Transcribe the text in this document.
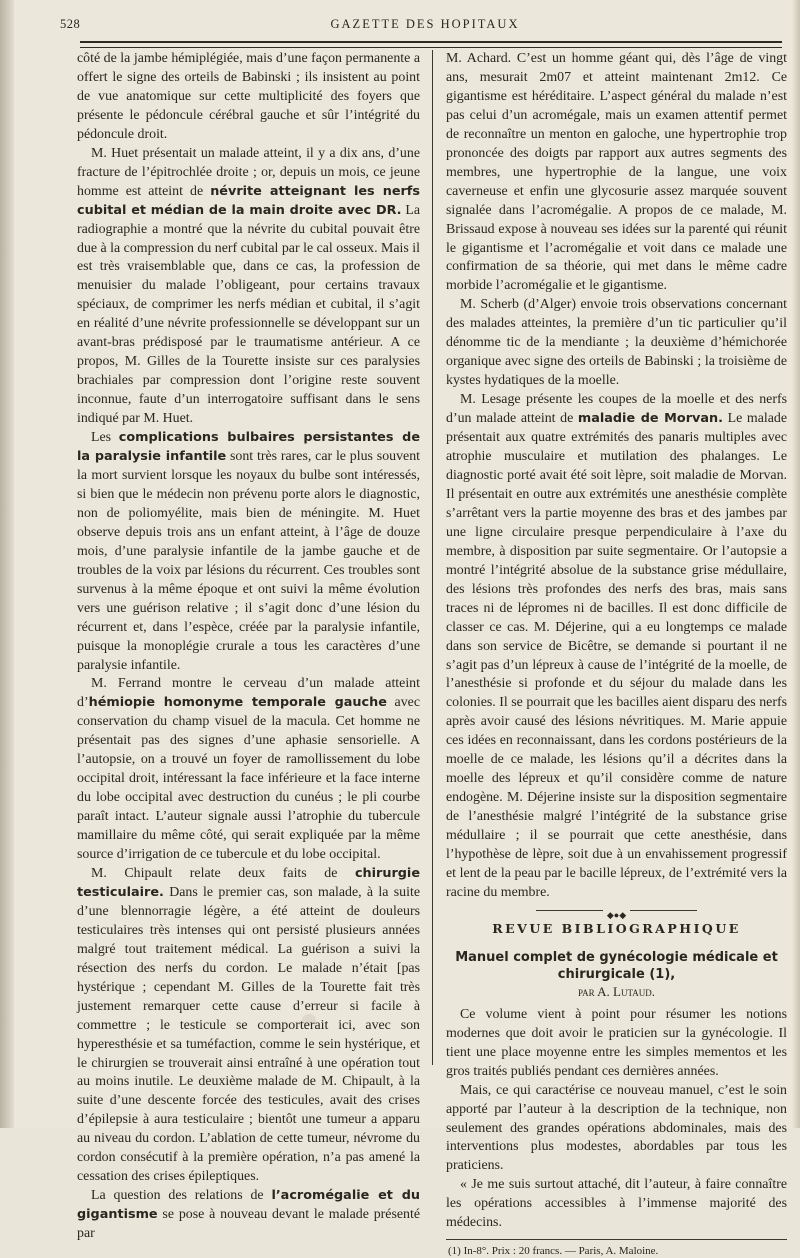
528	GAZETTE DES HOPITAUX

côté de la jambe hémiplégiée, mais d’une façon permanente a offert le signe des orteils de Babinski ; ils insistent au point de vue anatomique sur cette multiplicité des foyers que présente le pédoncule cérébral gauche et sûr l’intégrité du pédoncule droit.

M. Huet présentait un malade atteint, il y a dix ans, d’une fracture de l’épitrochlée droite ; or, depuis un mois, ce jeune homme est atteint de névrite atteignant les nerfs cubital et médian de la main droite avec DR. La radiographie a montré que la névrite du cubital pouvait être due à la compression du nerf cubital par le cal osseux. Mais il est très vraisemblable que, dans ce cas, la profession de menuisier du malade l’obligeant, pour certains travaux spéciaux, de comprimer les nerfs médian et cubital, il s’agit en réalité d’une névrite professionnelle se développant sur un avant-bras prédisposé par le traumatisme antérieur. A ce propos, M. Gilles de la Tourette insiste sur ces paralysies brachiales par compression dont l’origine reste souvent inconnue, faute d’un interrogatoire suffisant dans le sens indiqué par M. Huet.

Les complications bulbaires persistantes de la paralysie infantile sont très rares, car le plus souvent la mort survient lorsque les noyaux du bulbe sont intéressés, si bien que le médecin non prévenu porte alors le diagnostic, non de poliomyélite, mais bien de méningite. M. Huet observe depuis trois ans un enfant atteint, à l’âge de douze mois, d’une paralysie infantile de la jambe gauche et de troubles de la voix par lésions du récurrent. Ces troubles sont survenus à la même époque et ont suivi la même évolution vers une guérison relative ; il s’agit donc d’une lésion du récurrent et, dans l’espèce, créée par la paralysie infantile, puisque la monoplégie crurale a tous les caractères d’une paralysie infantile.

M. Ferrand montre le cerveau d’un malade atteint d’hémiopie homonyme temporale gauche avec conservation du champ visuel de la macula. Cet homme ne présentait pas des signes d’une aphasie sensorielle. A l’autopsie, on a trouvé un foyer de ramollissement du lobe occipital droit, intéressant la face inférieure et la face interne du lobe occipital avec destruction du cunéus ; le pli courbe paraît intact. L’auteur signale aussi l’atrophie du tubercule mamillaire du même côté, qui serait expliquée par la même source d’irrigation de ce tubercule et du lobe occipital.

M. Chipault relate deux faits de chirurgie testiculaire. Dans le premier cas, son malade, à la suite d’une blennorragie légère, a été atteint de douleurs testiculaires très intenses qui ont persisté plusieurs années malgré tout traitement médical. La guérison a suivi la résection des nerfs du cordon. Le malade n’était [pas hystérique ; cependant M. Gilles de la Tourette fait très justement remarquer cette cause d’erreur si facile à commettre ; le testicule se comporterait ici, avec son hyperesthésie et sa tuméfaction, comme le sein hystérique, et le chirurgien se trouverait ainsi entraîné à une opération tout au moins inutile. Le deuxième malade de M. Chipault, à la suite d’une descente forcée des testicules, avait des crises d’épilepsie à aura testiculaire ; bientôt une tumeur a apparu au niveau du cordon. L’ablation de cette tumeur, névrome du cordon consécutif à la première opération, n’a pas amené la cessation des crises épileptiques.

La question des relations de l’acromégalie et du gigantisme se pose à nouveau devant le malade présenté par

M. Achard. C’est un homme géant qui, dès l’âge de vingt ans, mesurait 2m07 et atteint maintenant 2m12. Ce gigantisme est héréditaire. L’aspect général du malade n’est pas celui d’un acromégale, mais un examen attentif permet de reconnaître un menton en galoche, une hypertrophie trop prononcée des doigts par rapport aux autres segments des membres, une hypertrophie de la langue, une voix caverneuse et enfin une glycosurie assez marquée souvent signalée dans l’acromégalie. A propos de ce malade, M. Brissaud expose à nouveau ses idées sur la parenté qui réunit le gigantisme et l’acromégalie et voit dans ce malade une confirmation de sa théorie, qui met dans le même cadre morbide l’acromégalie et le gigantisme.

M. Scherb (d’Alger) envoie trois observations concernant des malades atteintes, la première d’un tic particulier qu’il dénomme tic de la mendiante ; la deuxième d’hémichorée organique avec signe des orteils de Babinski ; la troisième de kystes hydatiques de la moelle.

M. Lesage présente les coupes de la moelle et des nerfs d’un malade atteint de maladie de Morvan. Le malade présentait aux quatre extrémités des panaris multiples avec atrophie musculaire et mutilation des phalanges. Le diagnostic porté avait été soit lèpre, soit maladie de Morvan. Il présentait en outre aux extrémités une anesthésie complète s’arrêtant vers la partie moyenne des bras et des jambes par une ligne circulaire presque perpendiculaire à l’axe du membre, à disposition par suite segmentaire. Or l’autopsie a montré l’intégrité absolue de la substance grise médullaire, des lésions très profondes des nerfs des bras, mais sans traces ni de lépromes ni de bacilles. Il est donc difficile de classer ce cas. M. Déjerine, qui a eu longtemps ce malade dans son service de Bicêtre, se demande si pourtant il ne s’agit pas d’un lépreux à cause de l’intégrité de la moelle, de l’anesthésie si profonde et du séjour du malade dans les colonies. Il se pourrait que les bacilles aient disparu des nerfs après avoir causé des lésions névritiques. M. Marie appuie ces idées en reconnaissant, dans les cordons postérieurs de la moelle de ce malade, les lésions qu’il a décrites dans la moelle des lépreux et qu’il considère comme de nature endogène. M. Déjerine insiste sur la disposition segmentaire de l’anesthésie malgré l’intégrité de la substance grise médullaire ; il se pourrait que cette anesthésie, dans l’hypothèse de lèpre, soit due à un envahissement progressif et lent de la peau par le bacille lépreux, de l’extrémité vers la racine du membre.

◆●◆
REVUE BIBLIOGRAPHIQUE
Manuel complet de gynécologie médicale et chirurgicale (1),
par A. Lutaud.

Ce volume vient à point pour résumer les notions modernes que doit avoir le praticien sur la gynécologie. Il tient une place moyenne entre les simples mementos et les gros traités publiés pendant ces dernières années.

Mais, ce qui caractérise ce nouveau manuel, c’est le soin apporté par l’auteur à la description de la technique, non seulement des grandes opérations abdominales, mais des interventions plus modestes, abordables par tous les praticiens.

« Je me suis surtout attaché, dit l’auteur, à faire connaître les opérations accessibles à l’immense majorité des médecins.

(1) In-8°. Prix : 20 francs. — Paris, A. Maloine.
